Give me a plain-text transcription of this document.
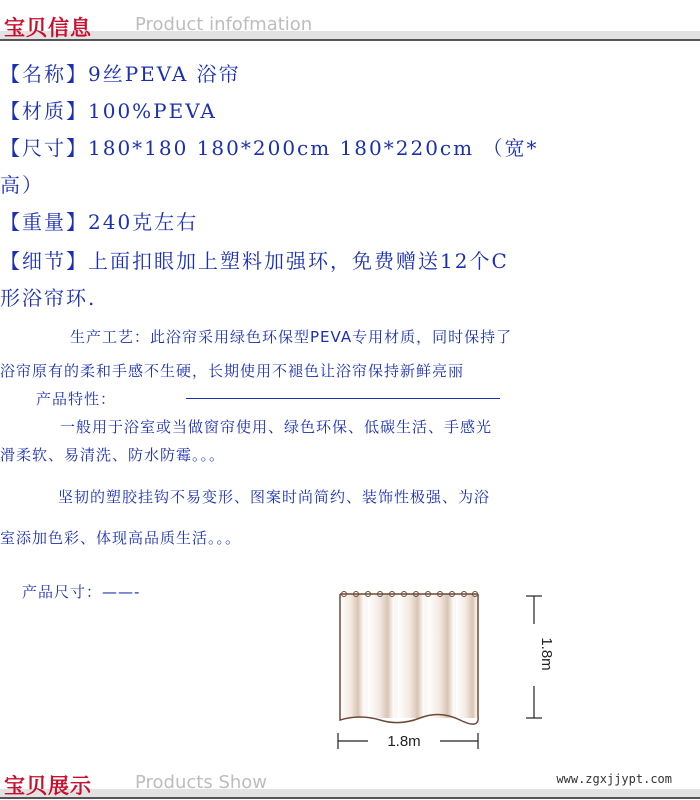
宝贝信息 Product infofmation
【名称】9丝PEVA 浴帘
【材质】100%PEVA
【尺寸】180*180 180*200cm 180*220cm （宽*
高）
【重量】240克左右
【细节】上面扣眼加上塑料加强环，免费赠送12个C
形浴帘环.
生产工艺：此浴帘采用绿色环保型PEVA专用材质，同时保持了
浴帘原有的柔和手感不生硬，长期使用不褪色让浴帘保持新鲜亮丽
产品特性：
一般用于浴室或当做窗帘使用、绿色环保、低碳生活、手感光
滑柔软、易清洗、防水防霉。。。
坚韧的塑胶挂钩不易变形、图案时尚简约、装饰性极强、为浴
室添加色彩、体现高品质生活。。。
产品尺寸：——-
1.8m
1.8m
宝贝展示 Products Show	www.zgxjjypt.com
